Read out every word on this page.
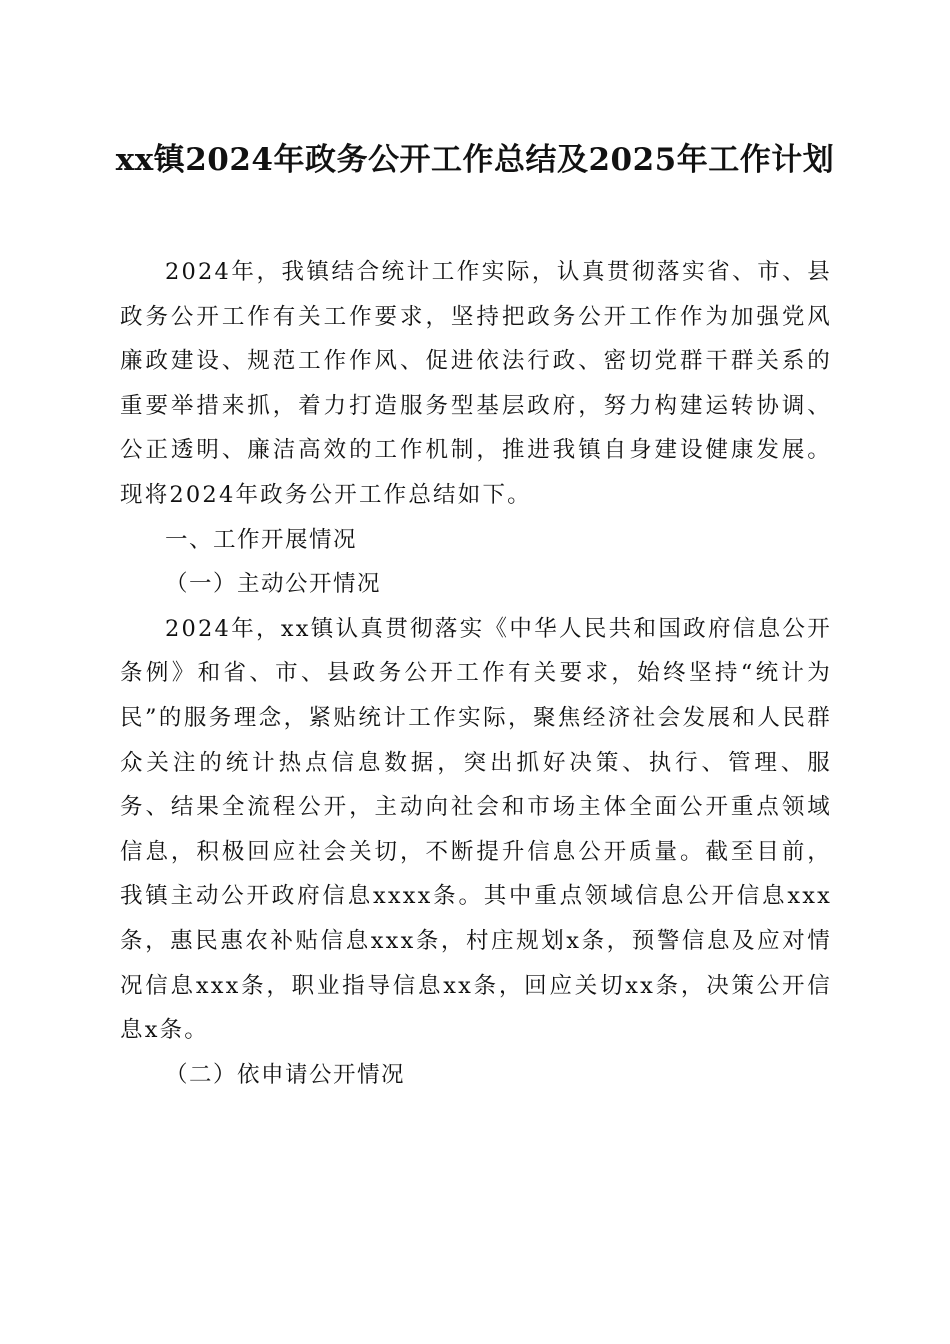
xx镇2024年政务公开工作总结及2025年工作计划

2024年，我镇结合统计工作实际，认真贯彻落实省、市、县政务公开工作有关工作要求，坚持把政务公开工作作为加强党风廉政建设、规范工作作风、促进依法行政、密切党群干群关系的重要举措来抓，着力打造服务型基层政府，努力构建运转协调、公正透明、廉洁高效的工作机制，推进我镇自身建设健康发展。现将2024年政务公开工作总结如下。

一、工作开展情况

（一）主动公开情况

2024年，xx镇认真贯彻落实《中华人民共和国政府信息公开条例》和省、市、县政务公开工作有关要求，始终坚持“统计为民”的服务理念，紧贴统计工作实际，聚焦经济社会发展和人民群众关注的统计热点信息数据，突出抓好决策、执行、管理、服务、结果全流程公开，主动向社会和市场主体全面公开重点领域信息，积极回应社会关切，不断提升信息公开质量。截至目前，我镇主动公开政府信息xxxx条。其中重点领域信息公开信息xxx条，惠民惠农补贴信息xxx条，村庄规划x条，预警信息及应对情况信息xxx条，职业指导信息xx条，回应关切xx条，决策公开信息x条。

（二）依申请公开情况
